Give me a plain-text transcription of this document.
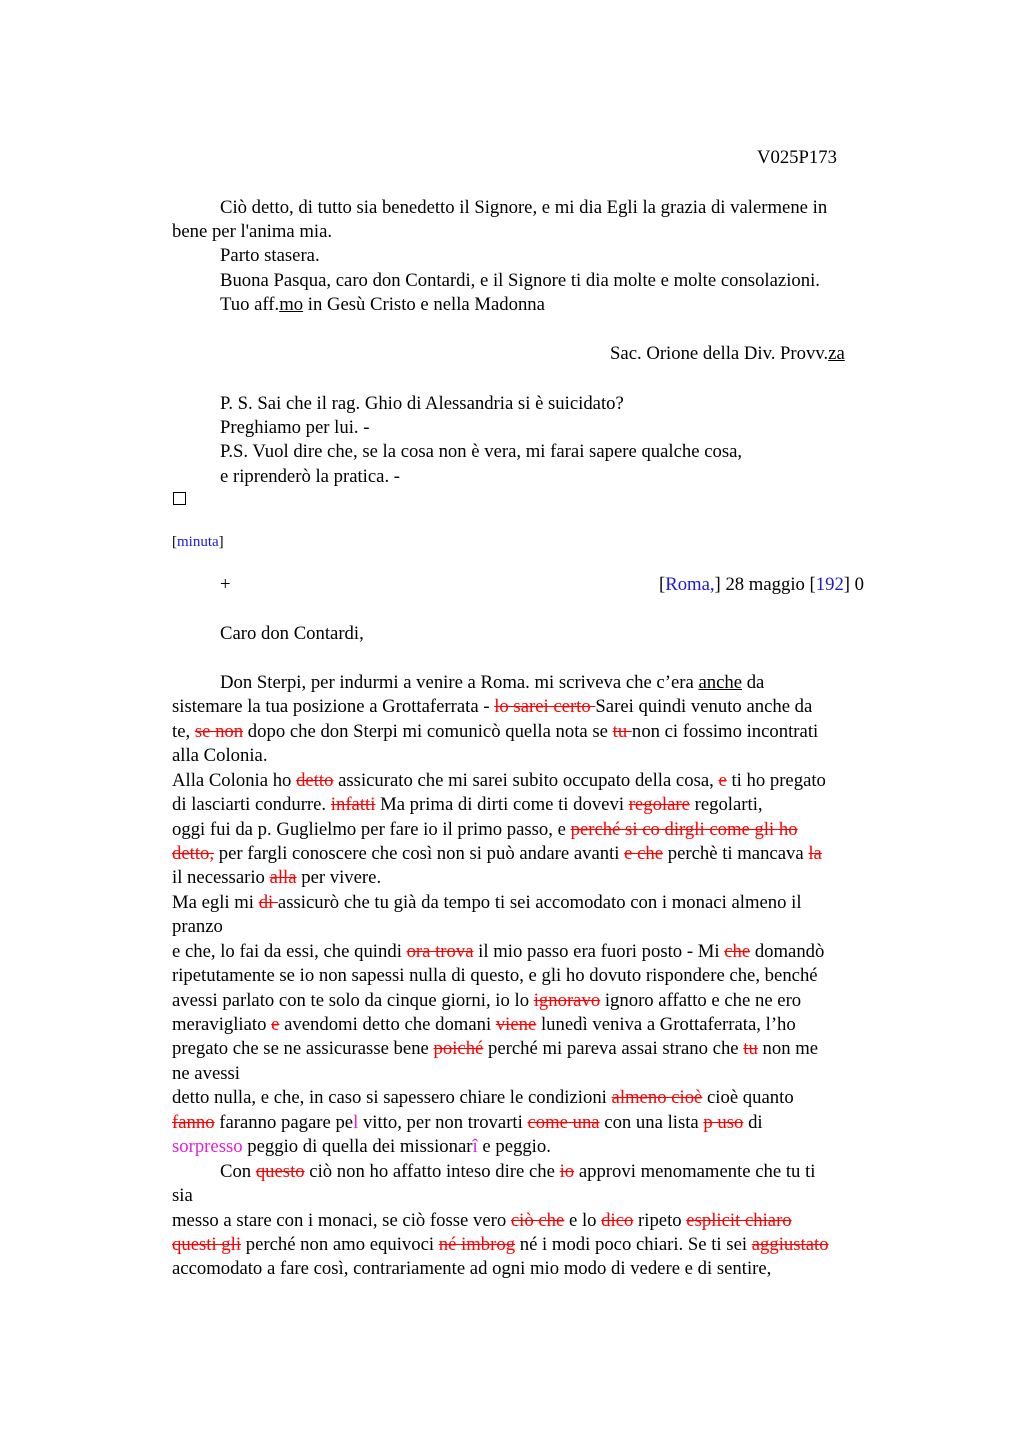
V025P173
Ciò detto, di tutto sia benedetto il Signore, e mi dia Egli la grazia di valermene in
bene per l'anima mia.
Parto stasera.
Buona Pasqua, caro don Contardi, e il Signore ti dia molte e molte consolazioni.
Tuo aff.mo in Gesù Cristo e nella Madonna
Sac. Orione della Div. Provv.za
P. S. Sai che il rag. Ghio di Alessandria si è suicidato?
Preghiamo per lui. -
P.S. Vuol dire che, se la cosa non è vera, mi farai sapere qualche cosa,
e riprenderò la pratica. -
[minuta]
+	[Roma,] 28 maggio [192] 0
Caro don Contardi,
Don Sterpi, per indurmi a venire a Roma. mi scriveva che c’era anche da
sistemare la tua posizione a Grottaferrata - lo sarei certo Sarei quindi venuto anche da
te, se non dopo che don Sterpi mi comunicò quella nota se tu non ci fossimo incontrati
alla Colonia.
Alla Colonia ho detto assicurato che mi sarei subito occupato della cosa, e ti ho pregato
di lasciarti condurre. infatti Ma prima di dirti come ti dovevi regolare regolarti,
oggi fui da p. Guglielmo per fare io il primo passo, e perché si co dirgli come gli ho
detto, per fargli conoscere che così non si può andare avanti e che perchè ti mancava la
il necessario alla per vivere.
Ma egli mi di assicurò che tu già da tempo ti sei accomodato con i monaci almeno il
pranzo
e che, lo fai da essi, che quindi ora trova il mio passo era fuori posto - Mi che domandò
ripetutamente se io non sapessi nulla di questo, e gli ho dovuto rispondere che, benché
avessi parlato con te solo da cinque giorni, io lo ignoravo ignoro affatto e che ne ero
meravigliato e avendomi detto che domani viene lunedì veniva a Grottaferrata, l’ho
pregato che se ne assicurasse bene poiché perché mi pareva assai strano che tu non me
ne avessi
detto nulla, e che, in caso si sapessero chiare le condizioni almeno cioè cioè quanto
fanno faranno pagare pel vitto, per non trovarti come una con una lista p uso di
sorpresso peggio di quella dei missionarî e peggio.
Con questo ciò non ho affatto inteso dire che io approvi menomamente che tu ti
sia
messo a stare con i monaci, se ciò fosse vero ciò che e lo dico ripeto esplicit chiaro
questi gli perché non amo equivoci né imbrog né i modi poco chiari. Se ti sei aggiustato
accomodato a fare così, contrariamente ad ogni mio modo di vedere e di sentire,
